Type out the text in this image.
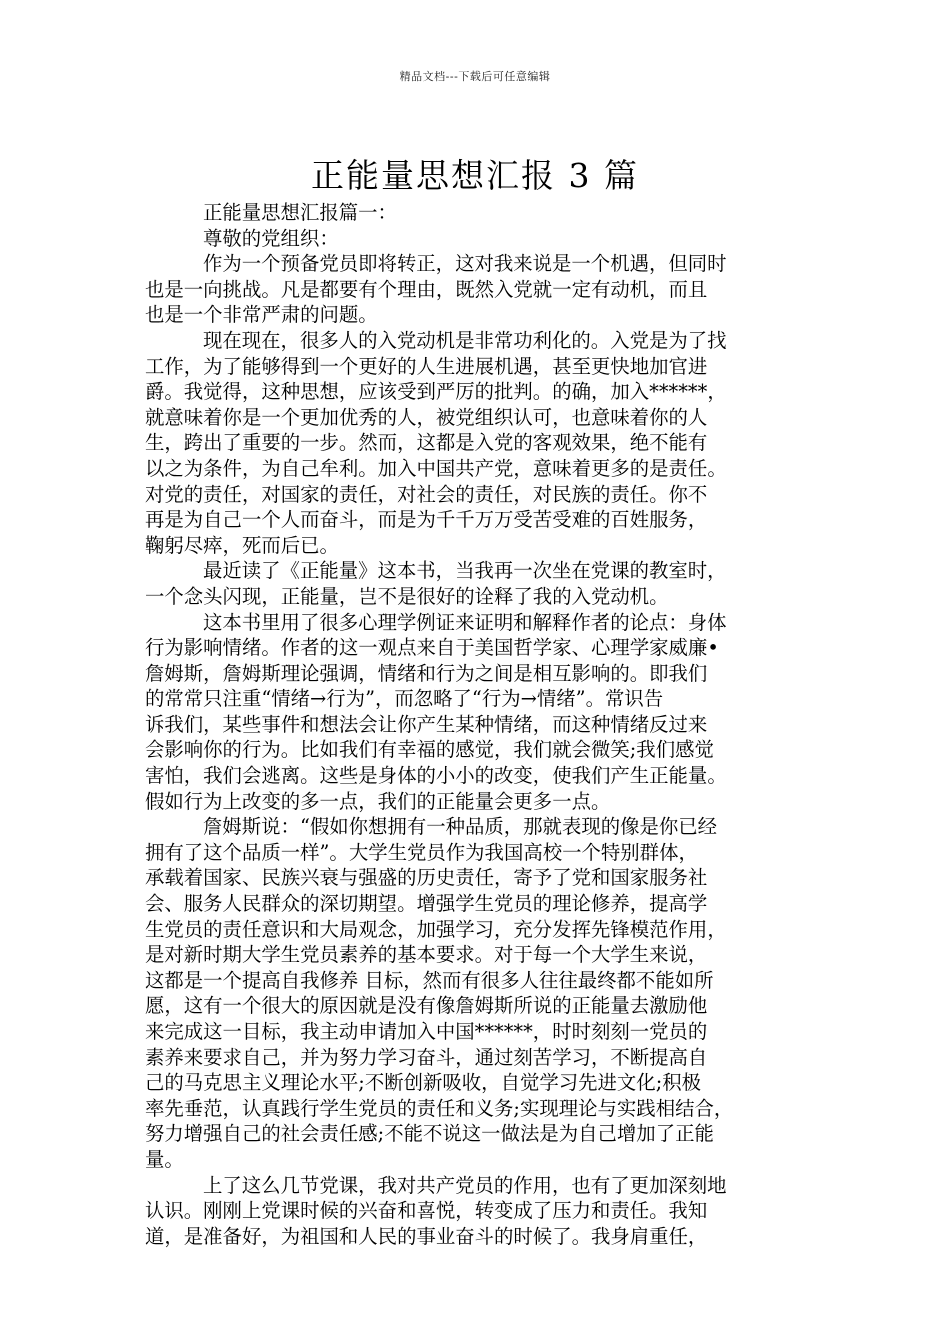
精品文档---下载后可任意编辑
正能量思想汇报 3 篇
正能量思想汇报篇一：
尊敬的党组织：
作为一个预备党员即将转正，这对我来说是一个机遇，但同时
也是一向挑战。凡是都要有个理由，既然入党就一定有动机，而且
也是一个非常严肃的问题。
现在现在，很多人的入党动机是非常功利化的。入党是为了找
工作，为了能够得到一个更好的人生进展机遇，甚至更快地加官进
爵。我觉得，这种思想，应该受到严厉的批判。的确，加入******，
就意味着你是一个更加优秀的人，被党组织认可，也意味着你的人
生，跨出了重要的一步。然而，这都是入党的客观效果，绝不能有
以之为条件，为自己牟利。加入中国共产党，意味着更多的是责任。
对党的责任，对国家的责任，对社会的责任，对民族的责任。你不
再是为自己一个人而奋斗，而是为千千万万受苦受难的百姓服务，
鞠躬尽瘁，死而后已。
最近读了《正能量》这本书，当我再一次坐在党课的教室时，
一个念头闪现，正能量，岂不是很好的诠释了我的入党动机。
这本书里用了很多心理学例证来证明和解释作者的论点：身体
行为影响情绪。作者的这一观点来自于美国哲学家、心理学家威廉•
詹姆斯，詹姆斯理论强调，情绪和行为之间是相互影响的。即我们
的常常只注重“情绪→行为”，而忽略了“行为→情绪”。常识告
诉我们，某些事件和想法会让你产生某种情绪，而这种情绪反过来
会影响你的行为。比如我们有幸福的感觉，我们就会微笑;我们感觉
害怕，我们会逃离。这些是身体的小小的改变，使我们产生正能量。
假如行为上改变的多一点，我们的正能量会更多一点。
詹姆斯说：“假如你想拥有一种品质，那就表现的像是你已经
拥有了这个品质一样”。大学生党员作为我国高校一个特别群体，
承载着国家、民族兴衰与强盛的历史责任，寄予了党和国家服务社
会、服务人民群众的深切期望。增强学生党员的理论修养，提高学
生党员的责任意识和大局观念，加强学习，充分发挥先锋模范作用，
是对新时期大学生党员素养的基本要求。对于每一个大学生来说，
这都是一个提高自我修养 目标，然而有很多人往往最终都不能如所
愿，这有一个很大的原因就是没有像詹姆斯所说的正能量去激励他
来完成这一目标，我主动申请加入中国******，时时刻刻一党员的
素养来要求自己，并为努力学习奋斗，通过刻苦学习，不断提高自
己的马克思主义理论水平;不断创新吸收，自觉学习先进文化;积极
率先垂范，认真践行学生党员的责任和义务;实现理论与实践相结合，
努力增强自己的社会责任感;不能不说这一做法是为自己增加了正能
量。
上了这么几节党课，我对共产党员的作用，也有了更加深刻地
认识。刚刚上党课时候的兴奋和喜悦，转变成了压力和责任。我知
道，是准备好，为祖国和人民的事业奋斗的时候了。我身肩重任，
